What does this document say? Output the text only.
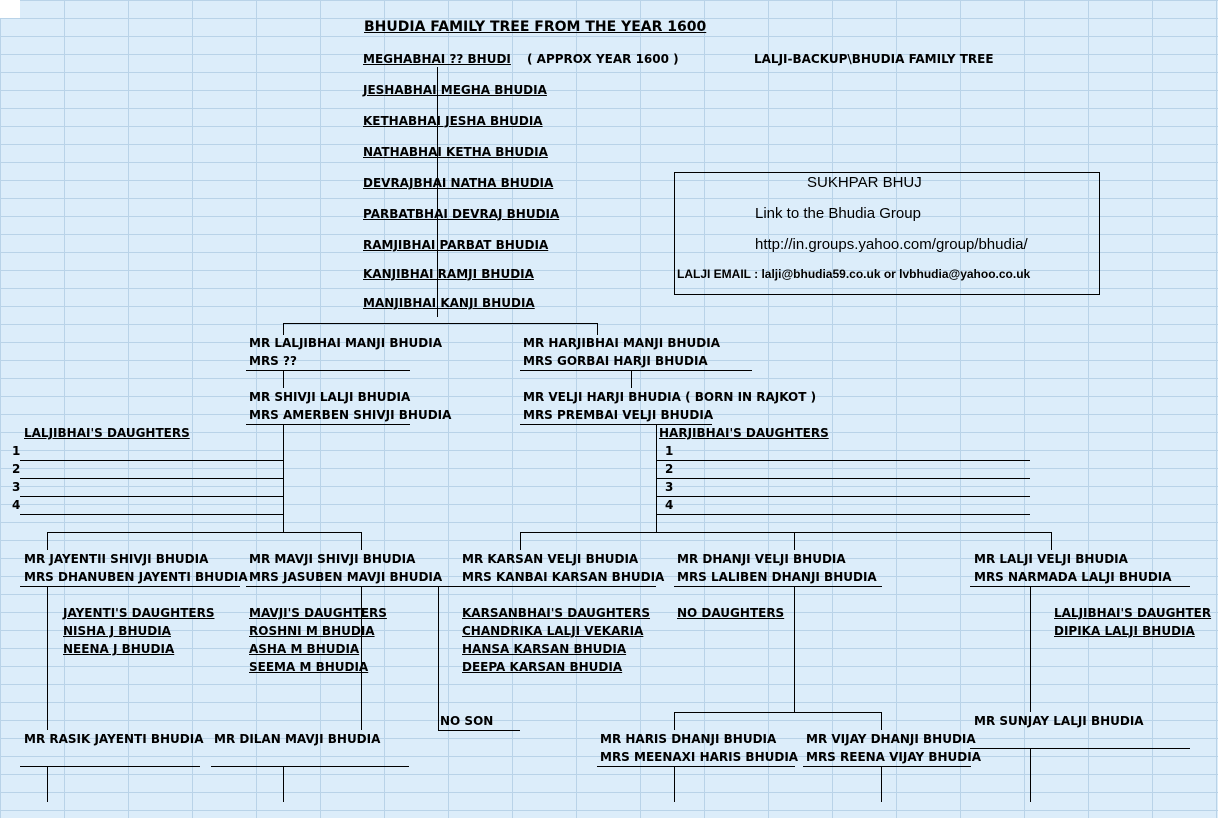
BHUDIA FAMILY TREE FROM THE YEAR 1600
LALJI-BACKUP\BHUDIA FAMILY TREE
MEGHABHAI ?? BHUDI ( APPROX YEAR 1600 )
JESHABHAI MEGHA BHUDIA
KETHABHAI JESHA BHUDIA
NATHABHAI KETHA BHUDIA
DEVRAJBHAI NATHA BHUDIA
PARBATBHAI DEVRAJ BHUDIA
RAMJIBHAI PARBAT BHUDIA
KANJIBHAI RAMJI BHUDIA
MANJIBHAI KANJI BHUDIA
SUKHPAR BHUJ
Link to the Bhudia Group
http://in.groups.yahoo.com/group/bhudia/
LALJI EMAIL : lalji@bhudia59.co.uk or lvbhudia@yahoo.co.uk
MR LALJIBHAI MANJI BHUDIA
MRS ??
MR HARJIBHAI MANJI BHUDIA
MRS GORBAI HARJI BHUDIA
MR SHIVJI LALJI BHUDIA
MRS AMERBEN SHIVJI BHUDIA
MR VELJI HARJI BHUDIA ( BORN IN RAJKOT )
MRS PREMBAI VELJI BHUDIA
LALJIBHAI'S DAUGHTERS
1
2
3
4
HARJIBHAI'S DAUGHTERS
1
2
3
4
MR JAYENTII SHIVJI BHUDIA
MRS DHANUBEN JAYENTI BHUDIA
MR MAVJI SHIVJI BHUDIA
MRS JASUBEN MAVJI BHUDIA
MR KARSAN VELJI BHUDIA
MRS KANBAI KARSAN BHUDIA
MR DHANJI VELJI BHUDIA
MRS LALIBEN DHANJI BHUDIA
MR LALJI VELJI BHUDIA
MRS NARMADA LALJI BHUDIA
JAYENTI'S DAUGHTERS
NISHA J BHUDIA
NEENA J BHUDIA
MAVJI'S DAUGHTERS
ROSHNI M BHUDIA
ASHA M BHUDIA
SEEMA M BHUDIA
KARSANBHAI'S DAUGHTERS
CHANDRIKA LALJI VEKARIA
HANSA KARSAN BHUDIA
DEEPA KARSAN BHUDIA
NO DAUGHTERS	LALJIBHAI'S DAUGHTER
DIPIKA LALJI BHUDIA
NO SON
MR RASIK JAYENTI BHUDIA MR DILAN MAVJI BHUDIA	MR HARIS DHANJI BHUDIA
MRS MEENAXI HARIS BHUDIA
MR VIJAY DHANJI BHUDIA
MRS REENA VIJAY BHUDIA
MR SUNJAY LALJI BHUDIA
